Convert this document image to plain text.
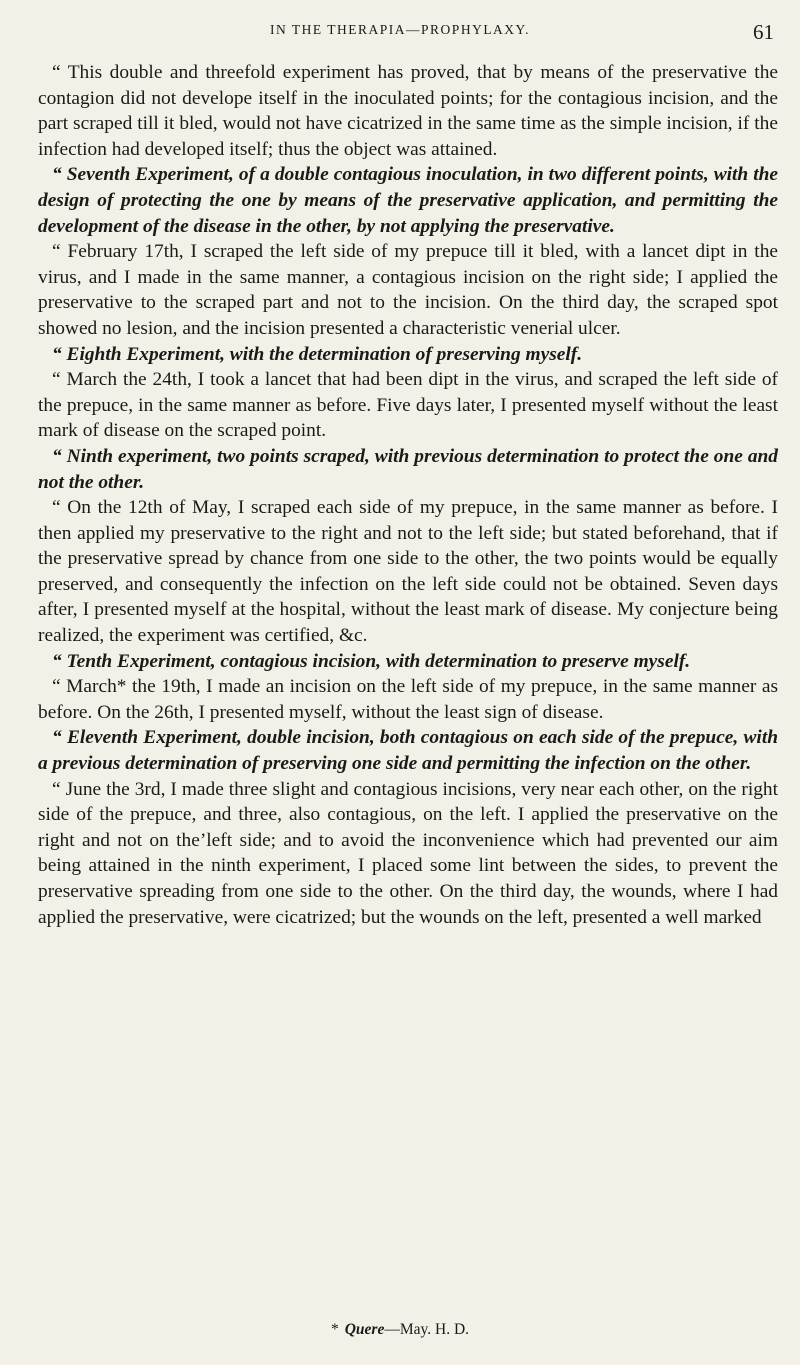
IN THE THERAPIA—PROPHYLAXY.	61

“ This double and threefold experiment has proved, that by means of the preservative the contagion did not develope itself in the inoculated points; for the contagious incision, and the part scraped till it bled, would not have cicatrized in the same time as the simple incision, if the infection had developed itself; thus the object was attained.

“ Seventh Experiment, of a double contagious inoculation, in two different points, with the design of protecting the one by means of the preservative application, and permitting the development of the disease in the other, by not applying the preservative.

“ February 17th, I scraped the left side of my prepuce till it bled, with a lancet dipt in the virus, and I made in the same manner, a contagious incision on the right side; I applied the preservative to the scraped part and not to the incision. On the third day, the scraped spot showed no lesion, and the incision presented a characteristic venerial ulcer.

“ Eighth Experiment, with the determination of preserving myself.

“ March the 24th, I took a lancet that had been dipt in the virus, and scraped the left side of the prepuce, in the same manner as before. Five days later, I presented myself without the least mark of disease on the scraped point.

“ Ninth experiment, two points scraped, with previous determination to protect the one and not the other.

“ On the 12th of May, I scraped each side of my prepuce, in the same manner as before. I then applied my preservative to the right and not to the left side; but stated beforehand, that if the preservative spread by chance from one side to the other, the two points would be equally preserved, and consequently the infection on the left side could not be obtained. Seven days after, I presented myself at the hospital, without the least mark of disease. My conjecture being realized, the experiment was certified, &c.

“ Tenth Experiment, contagious incision, with determination to preserve myself.

“ March* the 19th, I made an incision on the left side of my prepuce, in the same manner as before. On the 26th, I presented myself, without the least sign of disease.

“ Eleventh Experiment, double incision, both contagious on each side of the prepuce, with a previous determination of preserving one side and permitting the infection on the other.

“ June the 3rd, I made three slight and contagious incisions, very near each other, on the right side of the prepuce, and three, also contagious, on the left. I applied the preservative on the right and not on the’left side; and to avoid the inconvenience which had prevented our aim being attained in the ninth experiment, I placed some lint between the sides, to prevent the preservative spreading from one side to the other. On the third day, the wounds, where I had applied the preservative, were cicatrized; but the wounds on the left, presented a well marked

* Quere—May. H. D.
